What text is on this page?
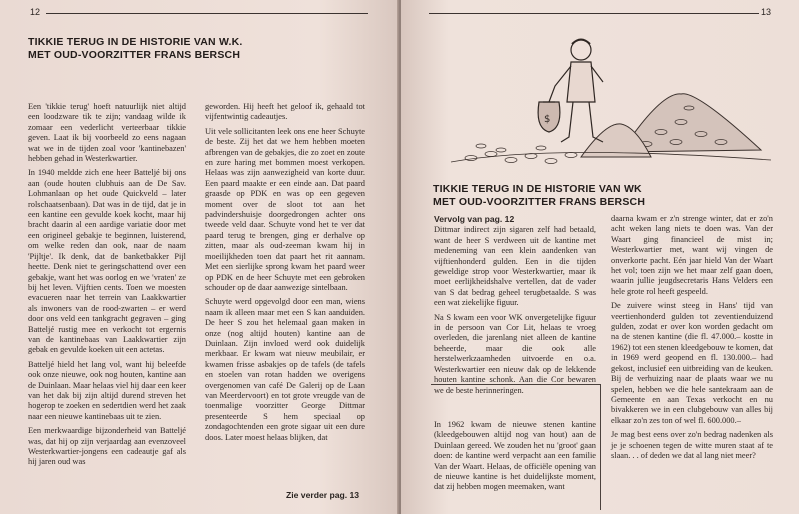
12
TIKKIE TERUG IN DE HISTORIE VAN W.K.
MET OUD-VOORZITTER FRANS BERSCH

Een 'tikkie terug' hoeft natuurlijk niet altijd een loodzware tik te zijn; vandaag wilde ik zomaar een vederlicht verteerbaar tikkie geven. Laat ik bij voorbeeld zo eens nagaan wat we in de tijden zoal voor 'kantinebazen' hebben gehad in Westerkwartier.

In 1940 meldde zich ene heer Batteljé bij ons aan (oude houten clubhuis aan de De Sav. Lohmanlaan op het oude Quickveld – later rolschaatsenbaan). Dat was in de tijd, dat je in een kantine een gevulde koek kocht, maar hij bracht daarin al een aardige variatie door met een origineel gebakje te beginnen, luisterend, om welke reden dan ook, naar de naam 'Pijltje'. Ik denk, dat de banketbakker Pijl heette. Denk niet te geringschattend over een gebakje, want het was oorlog en we 'vraten' ze bij het leven. Vijftien cents. Toen we moesten evacueren naar het terrein van Laakkwartier als inwoners van de rood-zwarten – er werd door ons veld een tankgracht gegraven – ging Batteljé rustig mee en verkocht tot ergernis van de kantinebaas van Laakkwartier zijn gebak en gevulde koeken uit een actetas.

Batteljé hield het lang vol, want hij beleefde ook onze nieuwe, ook nog houten, kantine aan de Duinlaan. Maar helaas viel hij daar een keer van het dak bij zijn altijd durend streven het hogerop te zoeken en sedertdien werd het zaak naar een nieuwe kantinebaas uit te zien.

Een merkwaardige bijzonderheid van Batteljé was, dat hij op zijn verjaardag aan evenzoveel Westerkwartier-jongens een cadeautje gaf als hij jaren oud was

geworden. Hij heeft het geloof ik, gehaald tot vijfentwintig cadeautjes.

Uit vele sollicitanten leek ons ene heer Schuyte de beste. Zij het dat we hem hebben moeten afbrengen van de gebakjes, die zo zoet en zoute en zure haring met bommen moest verkopen. Helaas was zijn aanwezigheid van korte duur. Een paard maakte er een einde aan. Dat paard graasde op PDK en was op een gegeven moment over de sloot tot aan het padvindershuisje doorgedrongen achter ons tweede veld daar. Schuyte vond het te ver dat paard terug te brengen, ging er derhalve op zitten, maar als oud-zeeman kwam hij in moeilijkheden toen dat paart het rit aannam. Met een sierlijke sprong kwam het paard weer op PDK en de heer Schuyte met een gebroken schouder op de daar aanwezige sintelbaan.

Schuyte werd opgevolgd door een man, wiens naam ik alleen maar met een S kan aanduiden. De heer S zou het helemaal gaan maken in onze (nog altijd houten) kantine aan de Duinlaan. Zijn invloed werd ook duidelijk merkbaar. Er kwam wat nieuw meubilair, er kwamen frisse asbakjes op de tafels (de tafels en stoelen van rotan hadden we overigens overgenomen van café De Galerij op de Laan van Meerdervoort) en tot grote vreugde van de toenmalige voorzitter George Dittmar presenteerde S hem speciaal op zondagochtenden een grote sigaar uit een dure doos. Later moest helaas blijken, dat

Zie verder pag. 13
13
$
TIKKIE TERUG IN DE HISTORIE VAN WK
MET OUD-VOORZITTER FRANS BERSCH
Vervolg van pag. 12

Dittmar indirect zijn sigaren zelf had betaald, want de heer S verdween uit de kantine met medeneming van een klein aandenken van vijftienhonderd gulden. Een in die tijden geweldige strop voor Westerkwartier, maar ik moet eerlijkheidshalve vertellen, dat de vader van S dat bedrag geheel terugbetaalde. S was een wat ziekelijke figuur.

Na S kwam een voor WK onvergetelijke figuur in de persoon van Cor Lit, helaas te vroeg overleden, die jarenlang niet alleen de kantine beheerde, maar die ook alle herstelwerkzaamheden uitvoerde en o.a. Westerkwartier een nieuw dak op de lekkende houten kantine schonk. Aan die Cor bewaren we de beste herinneringen.

In 1962 kwam de nieuwe stenen kantine (kleedgebouwen altijd nog van hout) aan de Duinlaan gereed. We zouden het nu 'groot' gaan doen: de kantine werd verpacht aan een familie Van der Waart. Helaas, de officiële opening van de nieuwe kantine is het duidelijkste moment, dat zij hebben mogen meemaken, want

daarna kwam er z'n strenge winter, dat er zo'n acht weken lang niets te doen was. Van der Waart ging financieel de mist in; Westerkwartier met, want wij vingen de onverkorte pacht. Eén jaar hield Van der Waart het vol; toen zijn we het maar zelf gaan doen, waarin jullie jeugdsecretaris Hans Velders een hele grote rol heeft gespeeld.

De zuivere winst steeg in Hans' tijd van veertienhonderd gulden tot zeventienduizend gulden, zodat er over kon worden gedacht om na de stenen kantine (die fl. 47.000.– kostte in 1962) tot een stenen kleedgebouw te komen, dat in 1969 werd geopend en fl. 130.000.– had gekost, inclusief een uitbreiding van de keuken. Bij de verhuizing naar de plaats waar we nu spelen, hebben we die hele santekraam aan de Gemeente en aan Texas verkocht en nu bivakkeren we in een clubgebouw van alles bij elkaar zo'n zes ton of wel fl. 600.000.–

Je mag best eens over zo'n bedrag nadenken als je je schoenen tegen de witte muren staat af te slaan. . . of deden we dat al lang niet meer?
